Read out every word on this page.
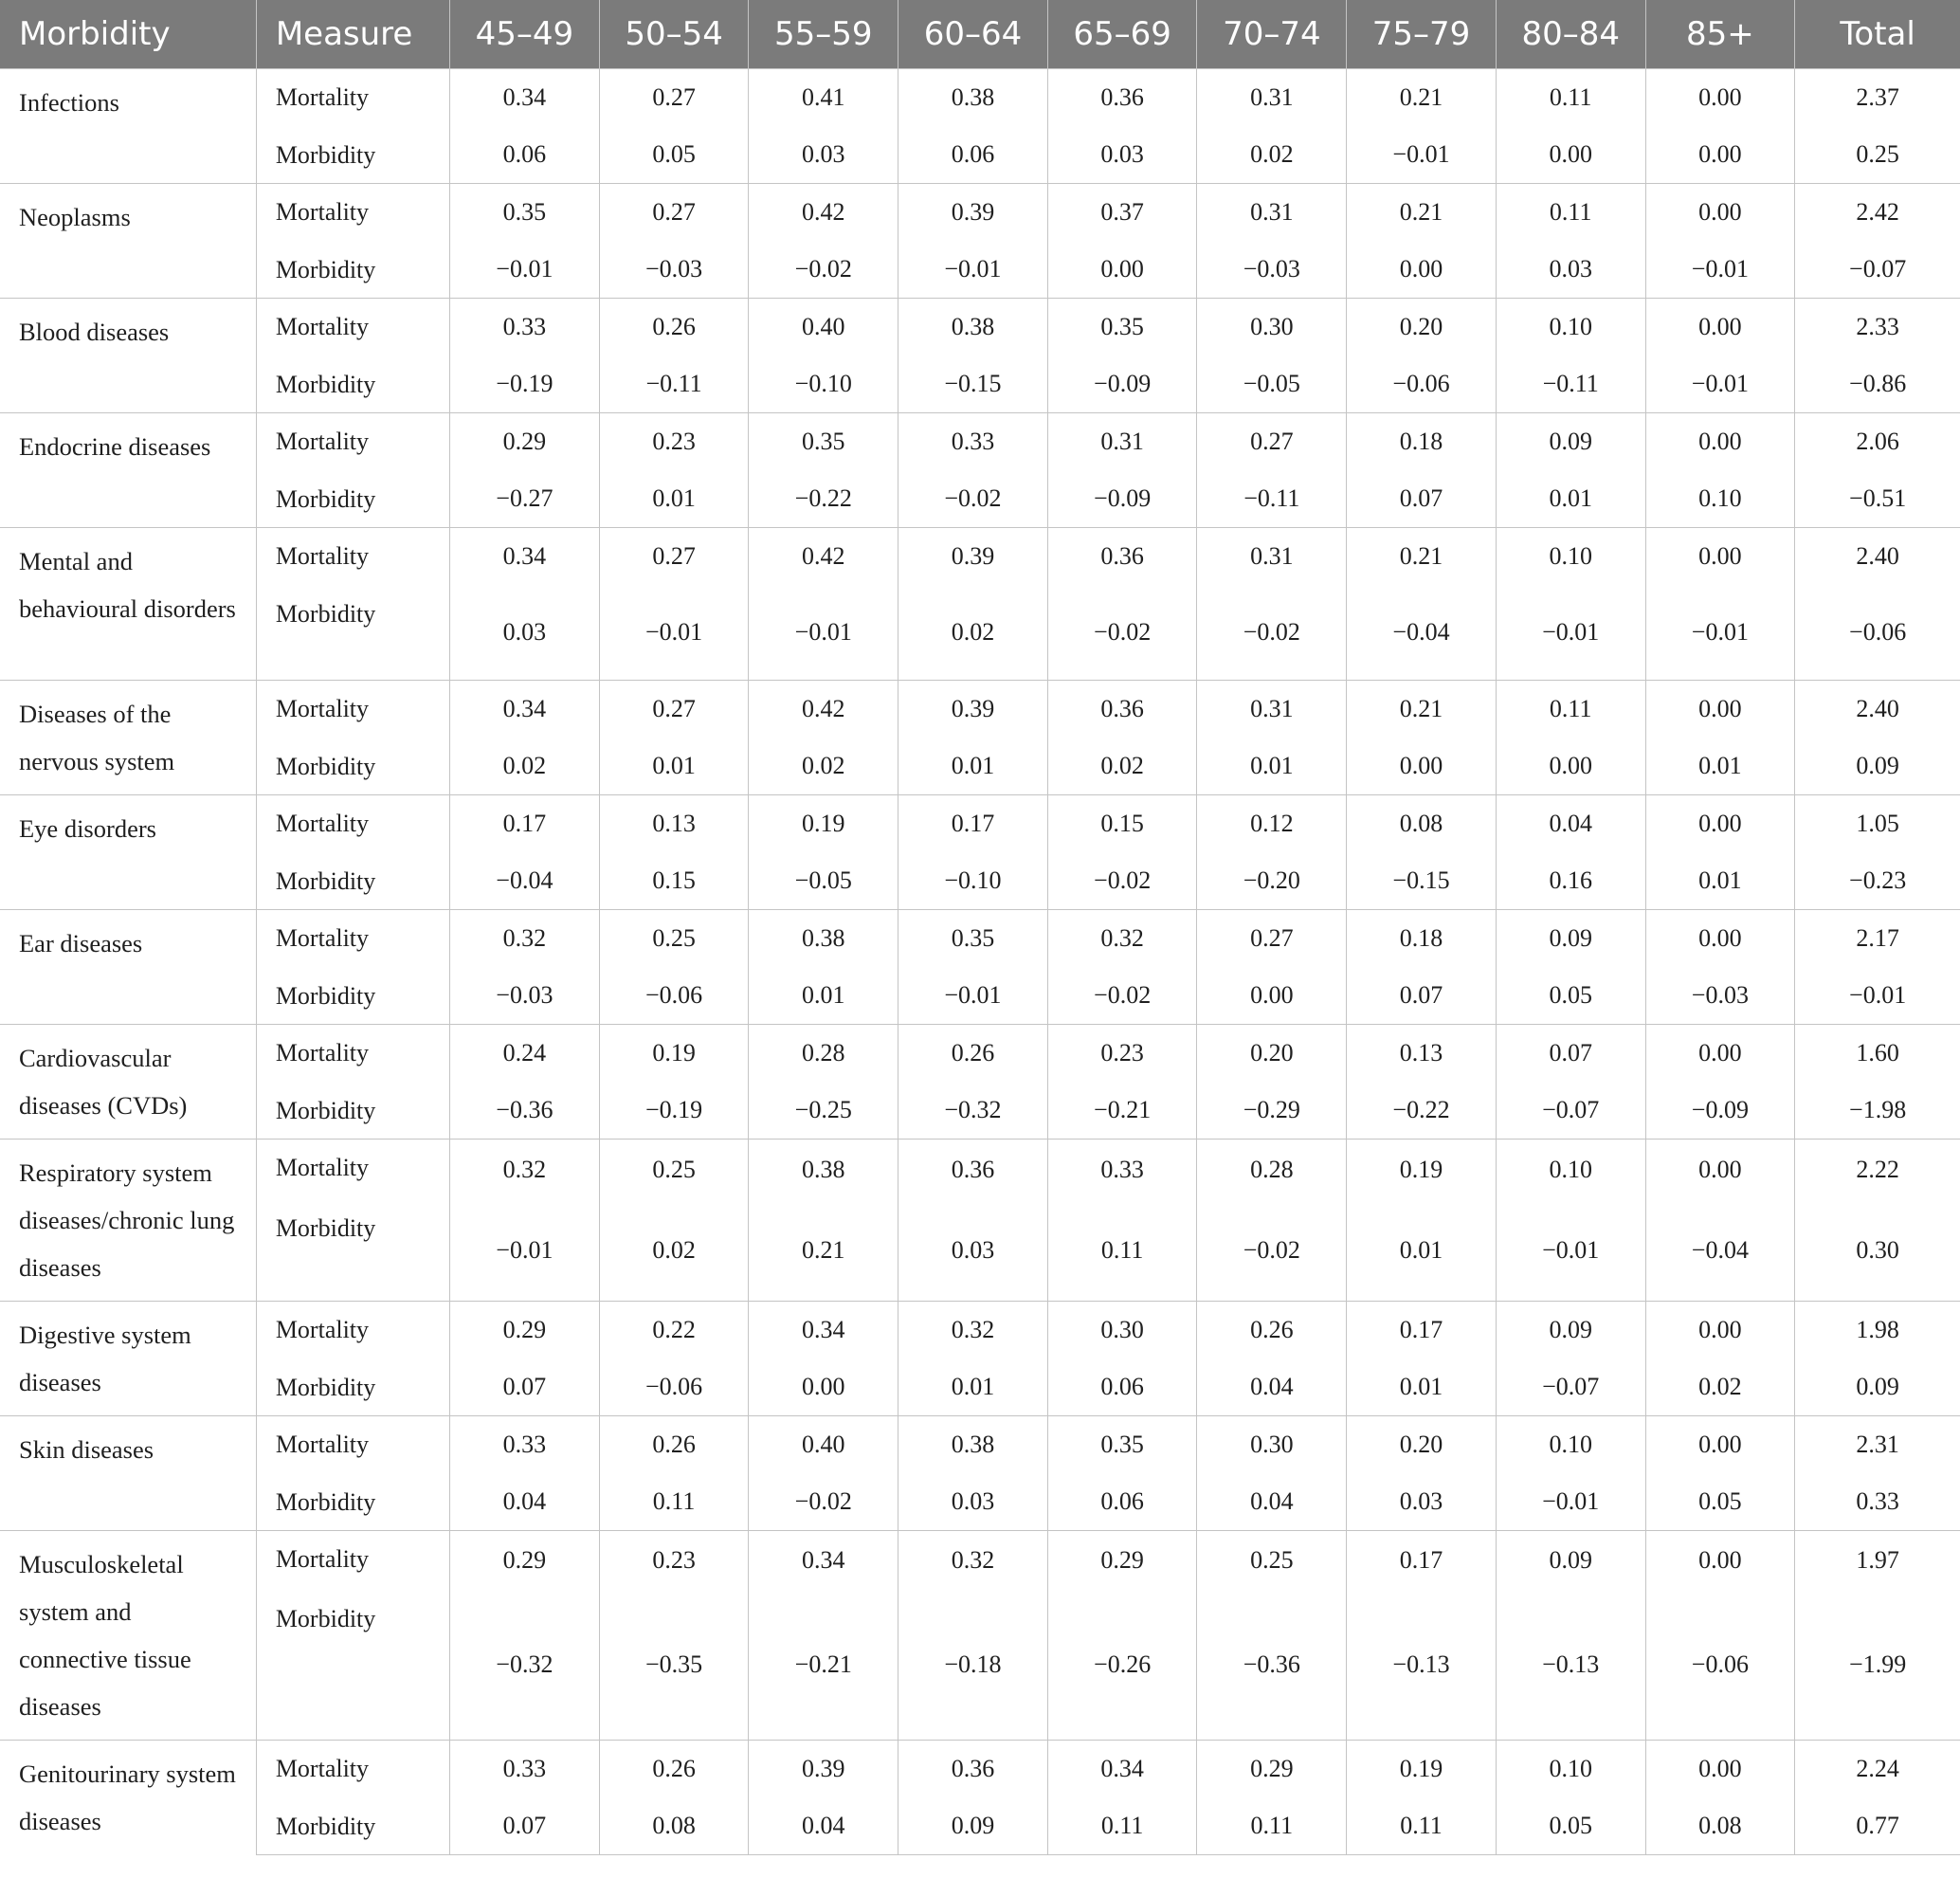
Morbidity	Measure	45–49	50–54	55–59	60–64	65–69	70–74	75–79	80–84	85+	Total
Infections	Mortality	0.34	0.27	0.41	0.38	0.36	0.31	0.21	0.11	0.00	2.37
	Morbidity	0.06	0.05	0.03	0.06	0.03	0.02	−0.01	0.00	0.00	0.25
Neoplasms	Mortality	0.35	0.27	0.42	0.39	0.37	0.31	0.21	0.11	0.00	2.42
	Morbidity	−0.01	−0.03	−0.02	−0.01	0.00	−0.03	0.00	0.03	−0.01	−0.07
Blood diseases	Mortality	0.33	0.26	0.40	0.38	0.35	0.30	0.20	0.10	0.00	2.33
	Morbidity	−0.19	−0.11	−0.10	−0.15	−0.09	−0.05	−0.06	−0.11	−0.01	−0.86
Endocrine diseases	Mortality	0.29	0.23	0.35	0.33	0.31	0.27	0.18	0.09	0.00	2.06
	Morbidity	−0.27	0.01	−0.22	−0.02	−0.09	−0.11	0.07	0.01	0.10	−0.51
Mental and behavioural disorders	Mortality	0.34	0.27	0.42	0.39	0.36	0.31	0.21	0.10	0.00	2.40
	Morbidity	0.03	−0.01	−0.01	0.02	−0.02	−0.02	−0.04	−0.01	−0.01	−0.06
Diseases of the nervous system	Mortality	0.34	0.27	0.42	0.39	0.36	0.31	0.21	0.11	0.00	2.40
	Morbidity	0.02	0.01	0.02	0.01	0.02	0.01	0.00	0.00	0.01	0.09
Eye disorders	Mortality	0.17	0.13	0.19	0.17	0.15	0.12	0.08	0.04	0.00	1.05
	Morbidity	−0.04	0.15	−0.05	−0.10	−0.02	−0.20	−0.15	0.16	0.01	−0.23
Ear diseases	Mortality	0.32	0.25	0.38	0.35	0.32	0.27	0.18	0.09	0.00	2.17
	Morbidity	−0.03	−0.06	0.01	−0.01	−0.02	0.00	0.07	0.05	−0.03	−0.01
Cardiovascular diseases (CVDs)	Mortality	0.24	0.19	0.28	0.26	0.23	0.20	0.13	0.07	0.00	1.60
	Morbidity	−0.36	−0.19	−0.25	−0.32	−0.21	−0.29	−0.22	−0.07	−0.09	−1.98
Respiratory system diseases/chronic lung diseases	Mortality	0.32	0.25	0.38	0.36	0.33	0.28	0.19	0.10	0.00	2.22
	Morbidity	−0.01	0.02	0.21	0.03	0.11	−0.02	0.01	−0.01	−0.04	0.30
Digestive system diseases	Mortality	0.29	0.22	0.34	0.32	0.30	0.26	0.17	0.09	0.00	1.98
	Morbidity	0.07	−0.06	0.00	0.01	0.06	0.04	0.01	−0.07	0.02	0.09
Skin diseases	Mortality	0.33	0.26	0.40	0.38	0.35	0.30	0.20	0.10	0.00	2.31
	Morbidity	0.04	0.11	−0.02	0.03	0.06	0.04	0.03	−0.01	0.05	0.33
Musculoskeletal system and connective tissue diseases	Mortality	0.29	0.23	0.34	0.32	0.29	0.25	0.17	0.09	0.00	1.97
	Morbidity	−0.32	−0.35	−0.21	−0.18	−0.26	−0.36	−0.13	−0.13	−0.06	−1.99
Genitourinary system diseases	Mortality	0.33	0.26	0.39	0.36	0.34	0.29	0.19	0.10	0.00	2.24
	Morbidity	0.07	0.08	0.04	0.09	0.11	0.11	0.11	0.05	0.08	0.77
